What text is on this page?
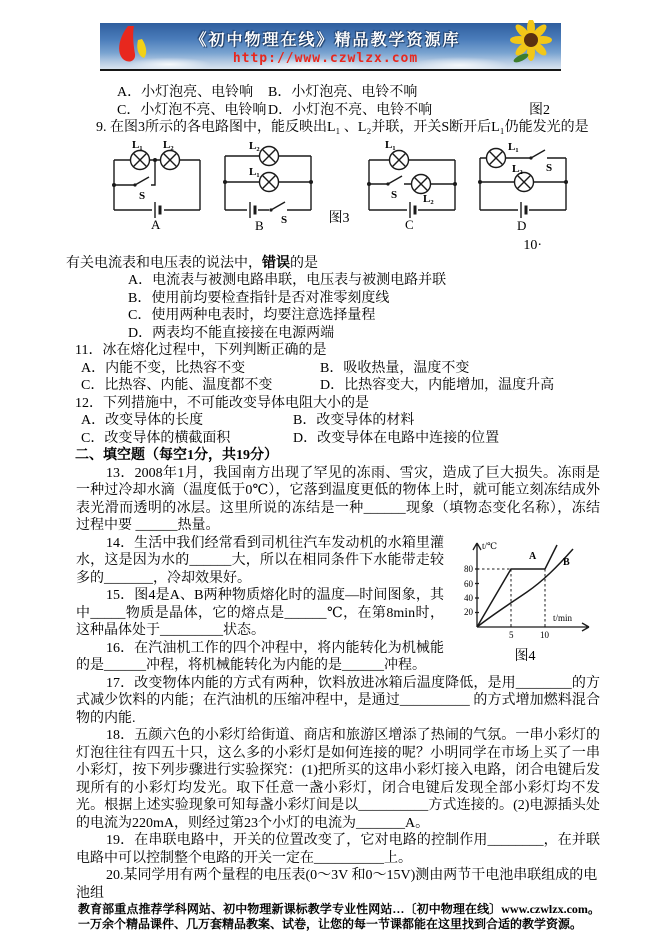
《初中物理在线》精品教学资源库
http://www.czwlzx.com

A．小灯泡亮、电铃响	B．小灯泡亮、电铃不响

C．小灯泡不亮、电铃响 D．小灯泡不亮、电铃不响	图2

9. 在图3所示的各电路图中，能反映出L₁ 、L₂并联，开关S断开后L₁仍能发光的是

L₁ L₂
S
A
L₂
L₁
S
B	图3
L₁
S L₂
C
L₁
S
L₂
D

10·

有关电流表和电压表的说法中，错误的是

A．电流表与被测电路串联，电压表与被测电路并联

B．使用前均要检查指针是否对准零刻度线

C．使用两种电表时，均要注意选择量程

D．两表均不能直接接在电源两端

11．冰在熔化过程中，下列判断正确的是

A．内能不变，比热容不变	B．吸收热量，温度不变

C．比热容、内能、温度都不变	D．比热容变大，内能增加，温度升高

12．下列措施中，不可能改变导体电阻大小的是

A．改变导体的长度	B．改变导体的材料

C．改变导体的横截面积	D．改变导体在电路中连接的位置

二、填空题（每空1分，共19分）

13．2008年1月，我国南方出现了罕见的冻雨、雪灾，造成了巨大损失。冻雨是一种过冷却水滴（温度低于0℃），它落到温度更低的物体上时，就可能立刻冻结成外表光滑而透明的冰层。这里所说的冻结是一种______现象（填物态变化名称），冻结过程中要 ______热量。

t/℃
t/min
80
60
40
20
5	10
A
B
图4

14．生活中我们经常看到司机往汽车发动机的水箱里灌水，这是因为水的______大，所以在相同条件下水能带走较多的_______，冷却效果好。

15．图4是A、B两种物质熔化时的温度—时间图象，其中_____物质是晶体，它的熔点是______℃，在第8min时，这种晶体处于_________状态。

16．在汽油机工作的四个冲程中，将内能转化为机械能的是______冲程，将机械能转化为内能的是______冲程。

17．改变物体内能的方式有两种，饮料放进冰箱后温度降低，是用________的方式减少饮料的内能；在汽油机的压缩冲程中，是通过__________ 的方式增加燃料混合物的内能.

18．五颜六色的小彩灯给街道、商店和旅游区增添了热闹的气氛。一串小彩灯的灯泡往往有四五十只，这么多的小彩灯是如何连接的呢？小明同学在市场上买了一串小彩灯，按下列步骤进行实验探究：(1)把所买的这串小彩灯接入电路，闭合电键后发现所有的小彩灯均发光。取下任意一盏小彩灯，闭合电键后发现全部小彩灯均不发光。根据上述实验现象可知每盏小彩灯间是以__________方式连接的。(2)电源插头处的电流为220mA，则经过第23个小灯的电流为_______A。

19．在串联电路中，开关的位置改变了，它对电路的控制作用________，在并联电路中可以控制整个电路的开关一定在__________上。

20.某同学用有两个量程的电压表(0～3V 和0～15V)测由两节干电池串联组成的电池组

教育部重点推荐学科网站、初中物理新课标教学专业性网站…〔初中物理在线〕www.czwlzx.com。 一万余个精品课件、几万套精品教案、试卷，让您的每一节课都能在这里找到合适的教学资源。
